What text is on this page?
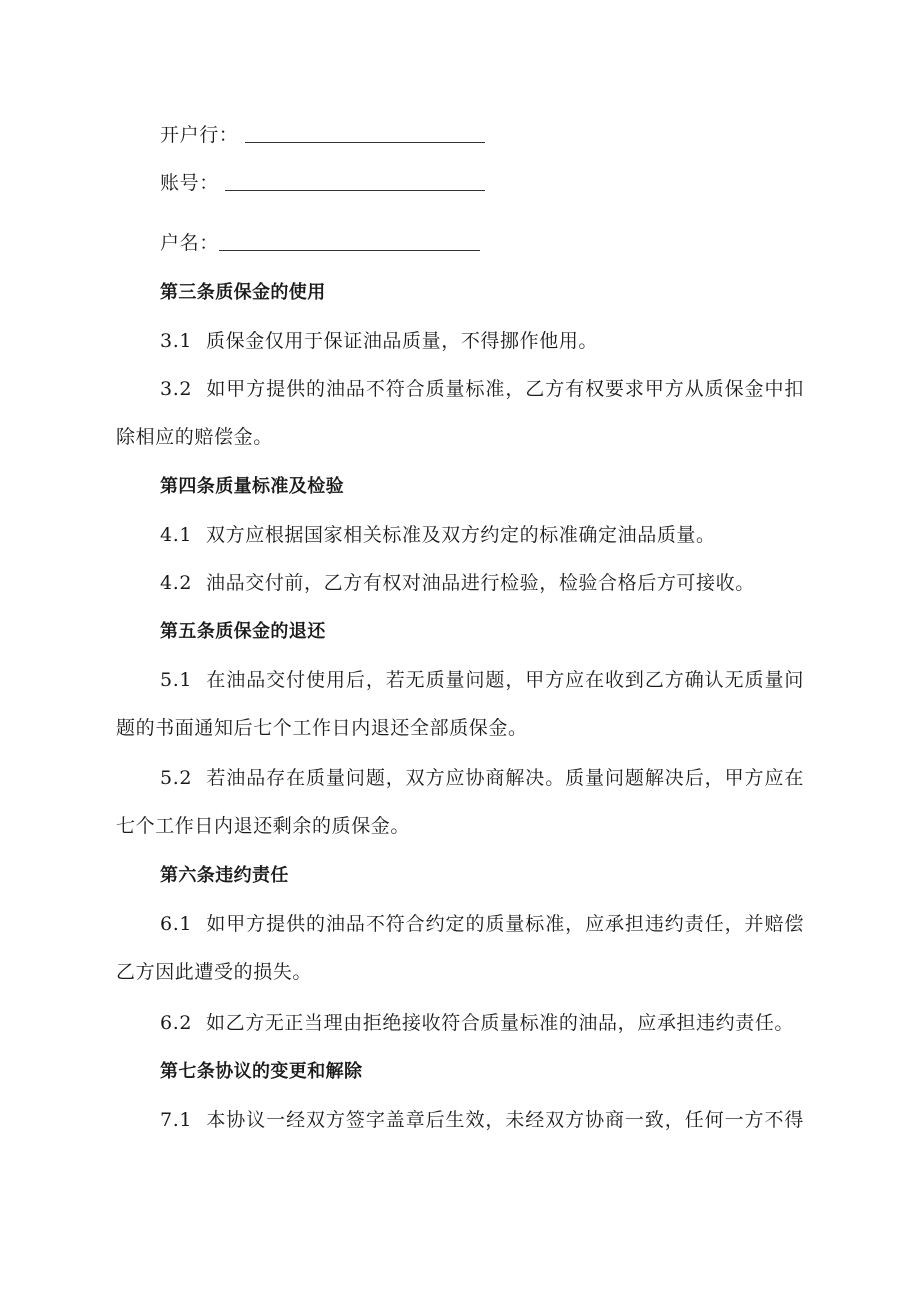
开户行：
账号：
户名：
第三条质保金的使用
3.1 质保金仅用于保证油品质量，不得挪作他用。
3.2 如甲方提供的油品不符合质量标准，乙方有权要求甲方从质保金中扣
除相应的赔偿金。
第四条质量标准及检验
4.1 双方应根据国家相关标准及双方约定的标准确定油品质量。
4.2 油品交付前，乙方有权对油品进行检验，检验合格后方可接收。
第五条质保金的退还
5.1 在油品交付使用后，若无质量问题，甲方应在收到乙方确认无质量问
题的书面通知后七个工作日内退还全部质保金。
5.2 若油品存在质量问题，双方应协商解决。质量问题解决后，甲方应在
七个工作日内退还剩余的质保金。
第六条违约责任
6.1 如甲方提供的油品不符合约定的质量标准，应承担违约责任，并赔偿
乙方因此遭受的损失。
6.2 如乙方无正当理由拒绝接收符合质量标准的油品，应承担违约责任。
第七条协议的变更和解除
7.1 本协议一经双方签字盖章后生效，未经双方协商一致，任何一方不得
